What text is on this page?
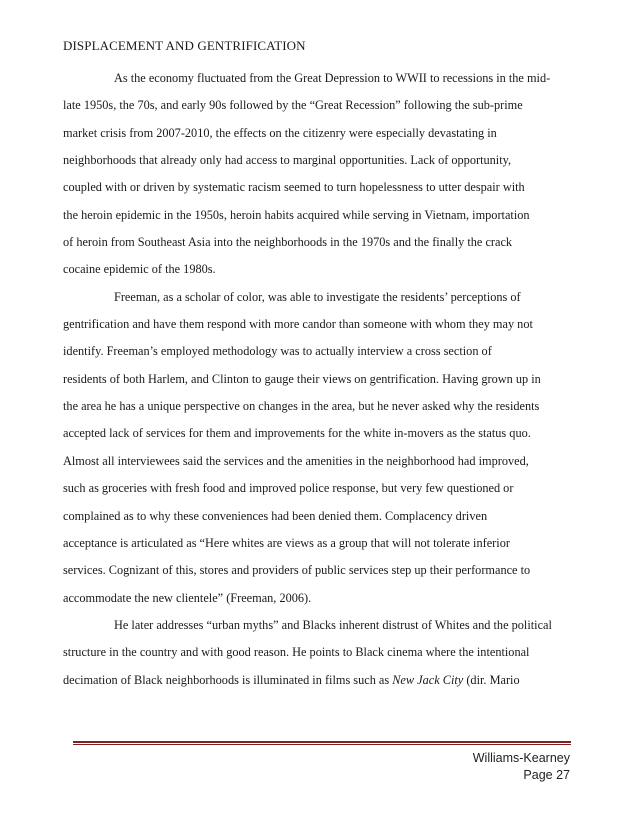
DISPLACEMENT AND GENTRIFICATION
As the economy fluctuated from the Great Depression to WWII to recessions in the mid-
late 1950s, the 70s, and early 90s followed by the “Great Recession” following the sub-prime
market crisis from 2007-2010, the effects on the citizenry were especially devastating in
neighborhoods that already only had access to marginal opportunities. Lack of opportunity,
coupled with or driven by systematic racism seemed to turn hopelessness to utter despair with
the heroin epidemic in the 1950s, heroin habits acquired while serving in Vietnam, importation
of heroin from Southeast Asia into the neighborhoods in the 1970s and the finally the crack
cocaine epidemic of the 1980s.
Freeman, as a scholar of color, was able to investigate the residents’ perceptions of
gentrification and have them respond with more candor than someone with whom they may not
identify. Freeman’s employed methodology was to actually interview a cross section of
residents of both Harlem, and Clinton to gauge their views on gentrification. Having grown up in
the area he has a unique perspective on changes in the area, but he never asked why the residents
accepted lack of services for them and improvements for the white in-movers as the status quo.
Almost all interviewees said the services and the amenities in the neighborhood had improved,
such as groceries with fresh food and improved police response, but very few questioned or
complained as to why these conveniences had been denied them. Complacency driven
acceptance is articulated as “Here whites are views as a group that will not tolerate inferior
services. Cognizant of this, stores and providers of public services step up their performance to
accommodate the new clientele” (Freeman, 2006).
He later addresses “urban myths” and Blacks inherent distrust of Whites and the political
structure in the country and with good reason. He points to Black cinema where the intentional
decimation of Black neighborhoods is illuminated in films such as New Jack City (dir. Mario
Williams-Kearney
Page 27
